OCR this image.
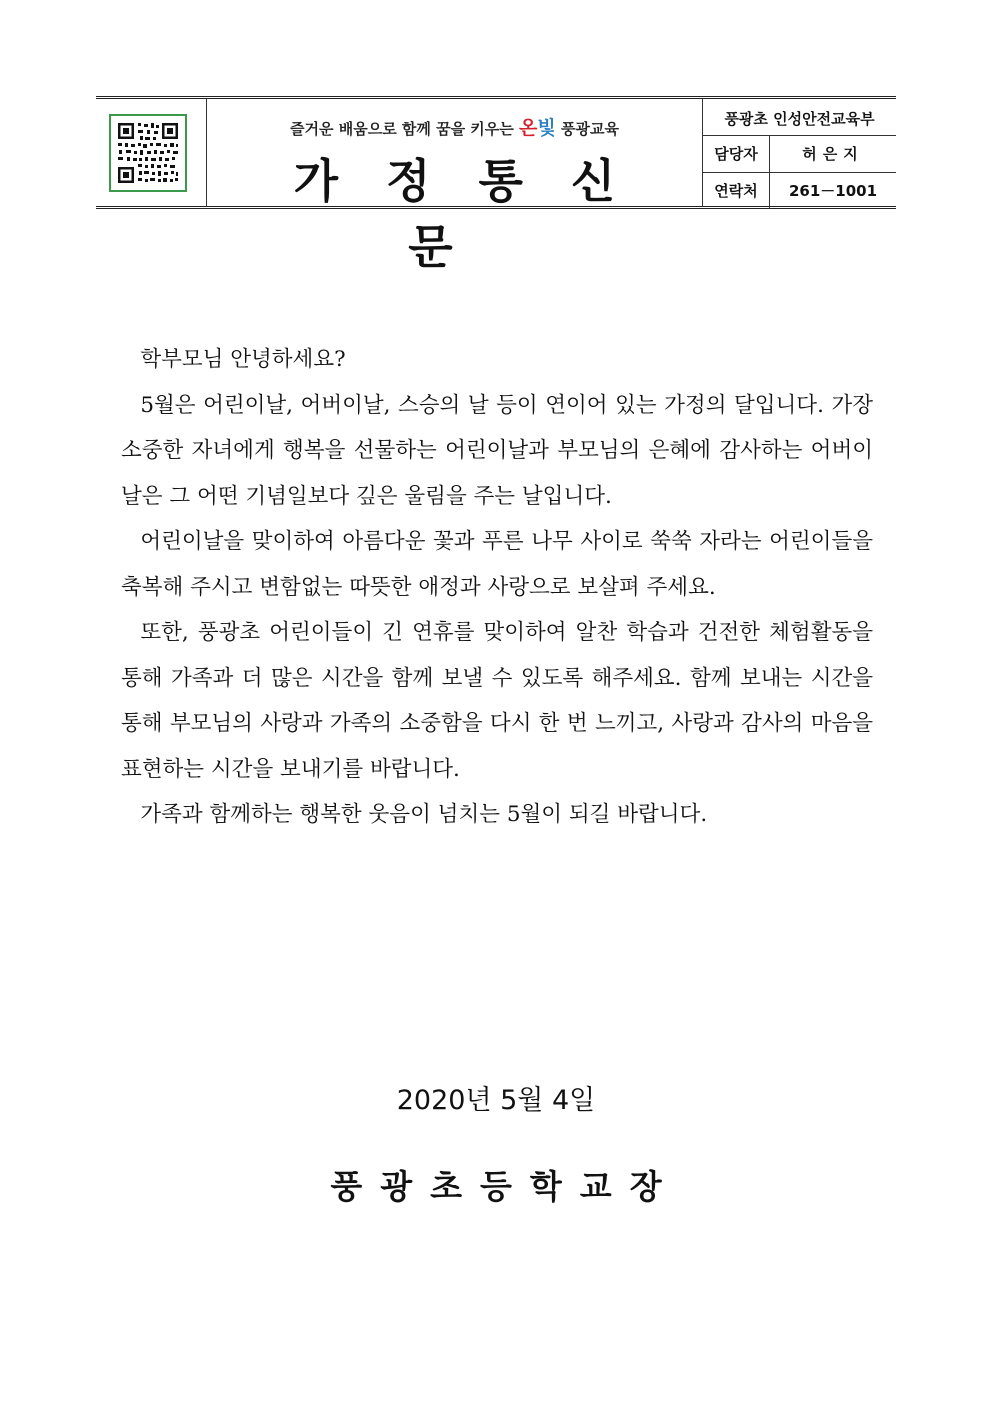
즐거운 배움으로 함께 꿈을 키우는 온빛 풍광교육
가정통신문
풍광초 인성안전교육부
담당자	허은지
연락처	261－1001

학부모님 안녕하세요?

5월은 어린이날, 어버이날, 스승의 날 등이 연이어 있는 가정의 달입니다. 가장 소중한 자녀에게 행복을 선물하는 어린이날과 부모님의 은혜에 감사하는 어버이날은 그 어떤 기념일보다 깊은 울림을 주는 날입니다.

어린이날을 맞이하여 아름다운 꽃과 푸른 나무 사이로 쑥쑥 자라는 어린이들을 축복해 주시고 변함없는 따뜻한 애정과 사랑으로 보살펴 주세요.

또한, 풍광초 어린이들이 긴 연휴를 맞이하여 알찬 학습과 건전한 체험활동을 통해 가족과 더 많은 시간을 함께 보낼 수 있도록 해주세요. 함께 보내는 시간을 통해 부모님의 사랑과 가족의 소중함을 다시 한 번 느끼고, 사랑과 감사의 마음을 표현하는 시간을 보내기를 바랍니다.

가족과 함께하는 행복한 웃음이 넘치는 5월이 되길 바랍니다.

2020년 5월 4일
풍광초등학교장
